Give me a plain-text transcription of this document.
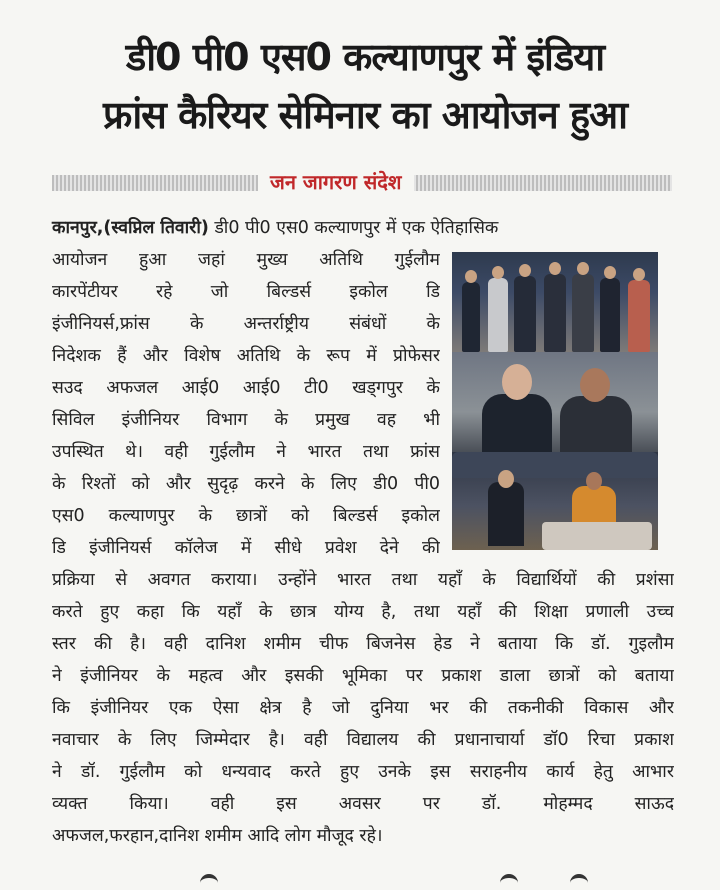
डी0 पी0 एस0 कल्याणपुर में इंडिया
फ्रांस कैरियर सेमिनार का आयोजन हुआ
जन जागरण संदेश
कानपुर,(स्वप्निल तिवारी) डी0 पी0 एस0 कल्याणपुर में एक ऐतिहासिक
आयोजन हुआ जहां मुख्य अतिथि गुईलौम
कारपेंटीयर रहे जो बिल्डर्स इकोल डि
इंजीनियर्स,फ्रांस के अन्तर्राष्ट्रीय संबंधों के
निदेशक हैं और विशेष अतिथि के रूप में प्रोफेसर
सउद अफजल आई0 आई0 टी0 खड्गपुर के
सिविल इंजीनियर विभाग के प्रमुख वह भी
उपस्थित थे। वही गुईलौम ने भारत तथा फ्रांस
के रिश्तों को और सुदृढ़ करने के लिए डी0 पी0
एस0 कल्याणपुर के छात्रों को बिल्डर्स इकोल
डि इंजीनियर्स कॉलेज में सीधे प्रवेश देने की
प्रक्रिया से अवगत कराया। उन्होंने भारत तथा यहाँ के विद्यार्थियों की प्रशंसा
करते हुए कहा कि यहाँ के छात्र योग्य है, तथा यहाँ की शिक्षा प्रणाली उच्च
स्तर की है। वही दानिश शमीम चीफ बिजनेस हेड ने बताया कि डॉ. गुइलौम
ने इंजीनियर के महत्व और इसकी भूमिका पर प्रकाश डाला छात्रों को बताया
कि इंजीनियर एक ऐसा क्षेत्र है जो दुनिया भर की तकनीकी विकास और
नवाचार के लिए जिम्मेदार है। वही विद्यालय की प्रधानाचार्या डॉ0 रिचा प्रकाश
ने डॉ. गुईलौम को धन्यवाद करते हुए उनके इस सराहनीय कार्य हेतु आभार
व्यक्त किया। वही इस अवसर पर डॉ. मोहम्मद साऊद
अफजल,फरहान,दानिश शमीम आदि लोग मौजूद रहे।
